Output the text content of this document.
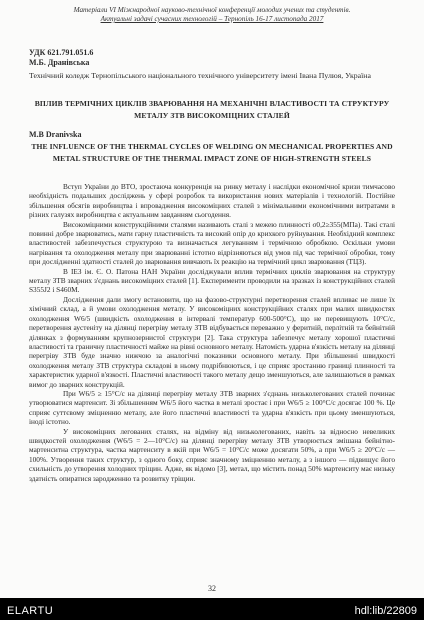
Матеріали VI Міжнародної науково-технічної конференції молодих учених та студентів.
Актуальні задачі сучасних технологій – Тернопіль 16-17 листопада 2017
УДК 621.791.051.6
М.Б. Дранівська
Технічний коледж Тернопільського національного технічного університету імені Івана Пулюя, Україна
ВПЛИВ ТЕРМІЧНИХ ЦИКЛІВ ЗВАРЮВАННЯ НА МЕХАНІЧНІ ВЛАСТИВОСТІ ТА СТРУКТУРУ МЕТАЛУ ЗТВ ВИСОКОМІЦНИХ СТАЛЕЙ
M.B Dranivska
THE INFLUENCE OF THE THERMAL CYCLES OF WELDING ON MECHANICAL PROPERTIES AND METAL STRUCTURE OF THE THERMAL IMPACT ZONE OF HIGH-STRENGTH STEELS

Вступ України до ВТО, зростаюча конкуренція на ринку металу і наслідки економічної кризи тимчасово необхідність подальших досліджень у сфері розробок та використання нових матеріалів і технологій. Постійне збільшення обсягів виробництва і впровадження високоміцних сталей з мінімальними економічними витратами в різних галузях виробництва є актуальним завданням сьогодення.

Високоміцними конструкційними сталями називають сталі з межею плинності σ0,2≥355(МПа). Такі сталі повинні добре зварюватись, мати гарну пластичність та високий опір до крихкого руйнування. Необхідний комплекс властивостей забезпечується структурою та визначається легуванням і термічною обробкою. Оскільки умови нагрівання та охолодження металу при зварюванні істотно відрізняються від умов під час термічної обробки, тому при дослідженні здатності сталей до зварювання вивчають їх реакцію на термічний цикл зварювання (ТЦЗ).

В ІЕЗ ім. Є. О. Патона НАН України досліджували вплив термічних циклів зварювання на структуру металу ЗТВ зварних з'єднань високоміцних сталей [1]. Експерименти проводили на зразках із конструкційних сталей S355J2 і S460M.

Дослідження дали змогу встановити, що на фазово-структурні перетворення сталей впливає не лише їх хімічний склад, а й умови охолодження металу. У високоміцних конструкційних сталях при малих швидкостях охолодження W6/5 (швидкість охолодження в інтервалі температур 600-500°С), що не перевищують 10°С/с, перетворення аустеніту на ділянці перегріву металу ЗТВ відбувається переважно у феритній, перлітній та бейнітній ділянках з формуванням крупнозернистої структури [2]. Така структура забезпечує металу хорошої пластичні властивості та граничну пластичності майже на рівні основного металу. Натомість ударна в'язкість металу на ділянці перегріву ЗТВ буде значно нижчою за аналогічні показники основного металу. При збільшенні швидкості охолодження металу ЗТВ структура складові в ньому подрібнюються, і це сприяє зростанню границі плинності та характеристик ударної в'язкості. Пластичні властивості такого металу дещо зменшуються, але залишаються в рамках вимог до зварних конструкцій.

При W6/5 ≥ 15°С/с на ділянці перегріву металу ЗТВ зварних з'єднань низьколегованих сталей починає утворюватися мартенсит. Зі збільшенням W6/5 його частка в металі зростає і при W6/5 ≥ 100°С/с досягає 100 %. Це сприяє суттєвому зміцненню металу, але його пластичні властивості та ударна в'язкість при цьому зменшуються, іноді істотно.

У високоміцних легованих сталях, на відміну від низьколегованих, навіть за відносно невеликих швидкостей охолодження (W6/5 = 2—10°С/с) на ділянці перегріву металу ЗТВ утворюється змішана бейнітно-мартенситна структура, частка мартенситу в якій при W6/5 = 10°С/с може досягати 50%, а при W6/5 ≥ 20°С/с — 100%. Утворення таких структур, з одного боку, сприяє значному зміцненню металу, а з іншого — підвищує його схильність до утворення холодних тріщин. Адже, як відомо [3], метал, що містить понад 50% мартенситу має низьку здатність опиратися зародженню та розвитку тріщин.

32
ELARTU	hdl:lib/22809
